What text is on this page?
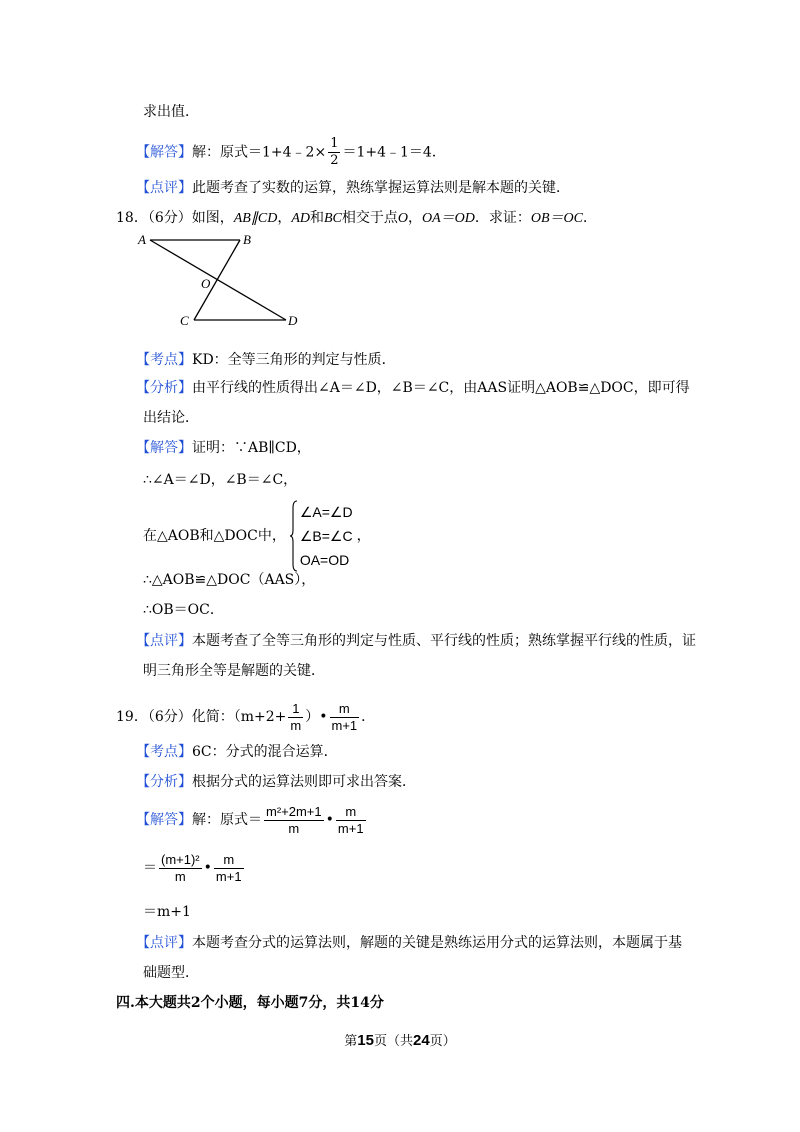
求出值．
【解答】解：原式＝1+4﹣2× $\frac{1}{2}$ ＝1+4﹣1＝4．
【点评】此题考查了实数的运算，熟练掌握运算法则是解本题的关键．
18．（6分）如图，AB∥CD，AD和BC相交于点O，OA＝OD．求证：OB＝OC．
A	B
O
C	D
【考点】KD：全等三角形的判定与性质．
【分析】由平行线的性质得出∠A＝∠D，∠B＝∠C，由AAS证明△AOB≌△DOC，即可得
出结论．
【解答】证明：∵AB∥CD，
∴∠A＝∠D，∠B＝∠C，
在△AOB和△DOC中，
∠A=∠D
∠B=∠C
OA=OD
，
∴△AOB≌△DOC（AAS），
∴OB＝OC．
【点评】本题考查了全等三角形的判定与性质、平行线的性质；熟练掌握平行线的性质，证
明三角形全等是解题的关键．
19．（6分）化简：（$m+2+ \frac{1}{m}$ ）• $\frac{m}{m+1}$ ．
【考点】6C：分式的混合运算．
【分析】根据分式的运算法则即可求出答案．
【解答】解：原式＝ $\frac{\text{m²+2m+1}}{m}$ • $\frac{m}{m+1}$
＝ $\frac{\text{(m+1)²}}{m}$ • $\frac{m}{m+1}$
＝m+1
【点评】本题考查分式的运算法则，解题的关键是熟练运用分式的运算法则，本题属于基
础题型．
四.本大题共2个小题，每小题7分，共14分
第15页（共24页）
